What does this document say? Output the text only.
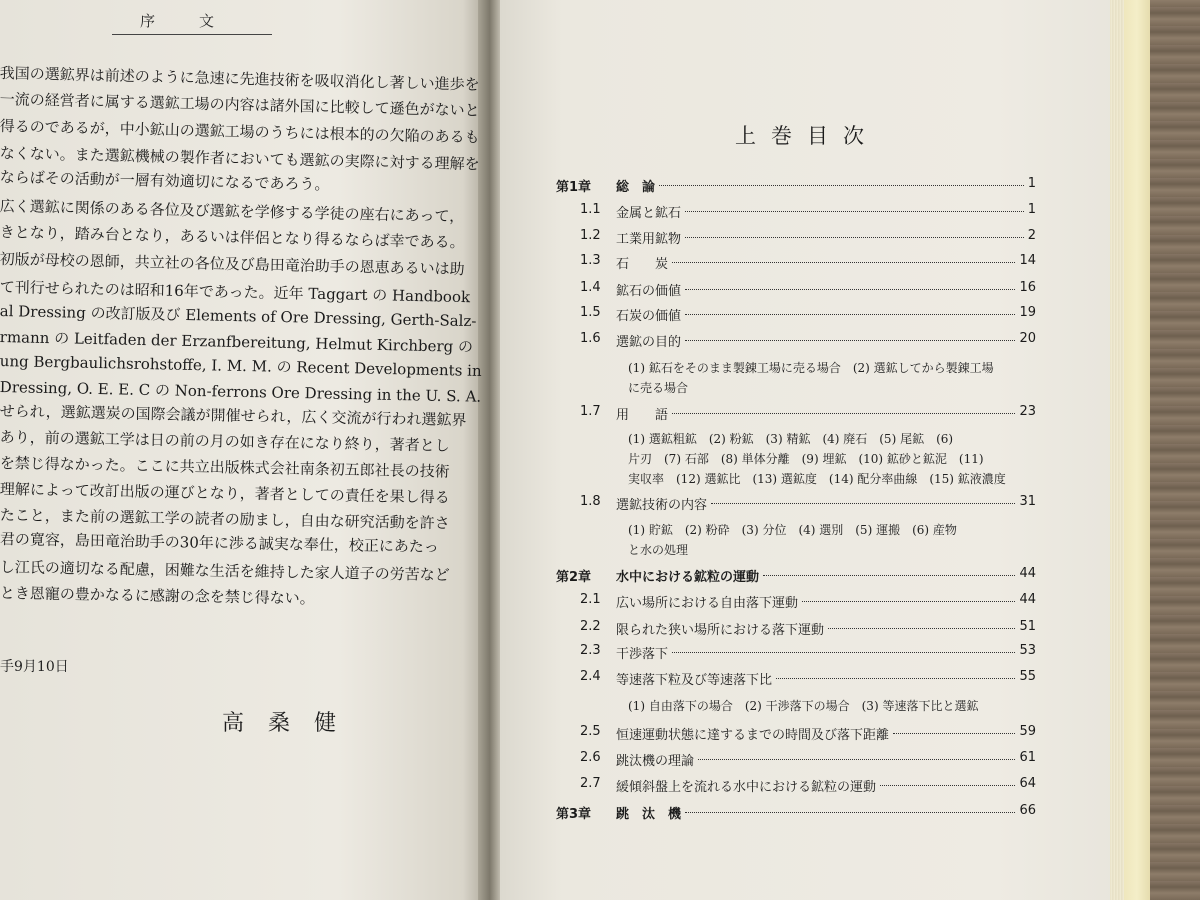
序文
我国の選鉱界は前述のように急速に先進技術を吸収消化し著しい進歩を
一流の経営者に属する選鉱工場の内容は諸外国に比較して遜色がないと
得るのであるが，中小鉱山の選鉱工場のうちには根本的の欠陥のあるも
なくない。また選鉱機械の製作者においても選鉱の実際に対する理解を
ならばその活動が一層有効適切になるであろう。
広く選鉱に関係のある各位及び選鉱を学修する学徒の座右にあって，
きとなり，踏み台となり，あるいは伴侶となり得るならば幸である。
初版が母校の恩師，共立社の各位及び島田竜治助手の恩恵あるいは助
て刊行せられたのは昭和16年であった。近年 Taggart の Handbook
al Dressing の改訂版及び Elements of Ore Dressing, Gerth-Salz-
rmann の Leitfaden der Erzanfbereitung, Helmut Kirchberg の
ung Bergbaulichsrohstoffe, I. M. M. の Recent Developments in
Dressing, O. E. E. C の Non-ferrons Ore Dressing in the U. S. A.
せられ，選鉱選炭の国際会議が開催せられ，広く交流が行われ選鉱界
あり，前の選鉱工学は日の前の月の如き存在になり終り，著者とし
を禁じ得なかった。ここに共立出版株式会社南条初五郎社長の技術
理解によって改訂出版の運びとなり，著者としての責任を果し得る
たこと，また前の選鉱工学の読者の励まし，自由な研究活動を許さ
君の寛容，島田竜治助手の30年に渉る誠実な奉仕，校正にあたっ
し江氏の適切なる配慮，困難な生活を維持した家人道子の労苦など
とき恩寵の豊かなるに感謝の念を禁じ得ない。
手9月10日
高桑健
上巻目次
第1章 総　論	1
1.1 金属と鉱石	1
1.2 工業用鉱物	2
1.3 石　　炭	14
1.4 鉱石の価値	16
1.5 石炭の価値	19
1.6 選鉱の目的	20
1.7 用　　語	23
1.8 選鉱技術の内容	31
第2章 水中における鉱粒の運動	44
2.1 広い場所における自由落下運動	44
2.2 限られた狭い場所における落下運動	51
2.3 干渉落下	53
2.4 等速落下粒及び等速落下比	55
2.5 恒速運動状態に達するまでの時間及び落下距離	59
2.6 跳汰機の理論	61
2.7 緩傾斜盤上を流れる水中における鉱粒の運動	64
第3章 跳　汰　機	66
(1) 鉱石をそのまま製錬工場に売る場合　(2) 選鉱してから製錬工場
に売る場合
(1) 選鉱粗鉱　(2) 粉鉱　(3) 精鉱　(4) 廃石　(5) 尾鉱　(6)
片刃　(7) 石部　(8) 単体分離　(9) 埋鉱　(10) 鉱砂と鉱泥　(11)
実収率　(12) 選鉱比　(13) 選鉱度　(14) 配分率曲線　(15) 鉱液濃度
(1) 貯鉱　(2) 粉砕　(3) 分位　(4) 選別　(5) 運搬　(6) 産物
と水の処理
(1) 自由落下の場合　(2) 干渉落下の場合　(3) 等速落下比と選鉱
